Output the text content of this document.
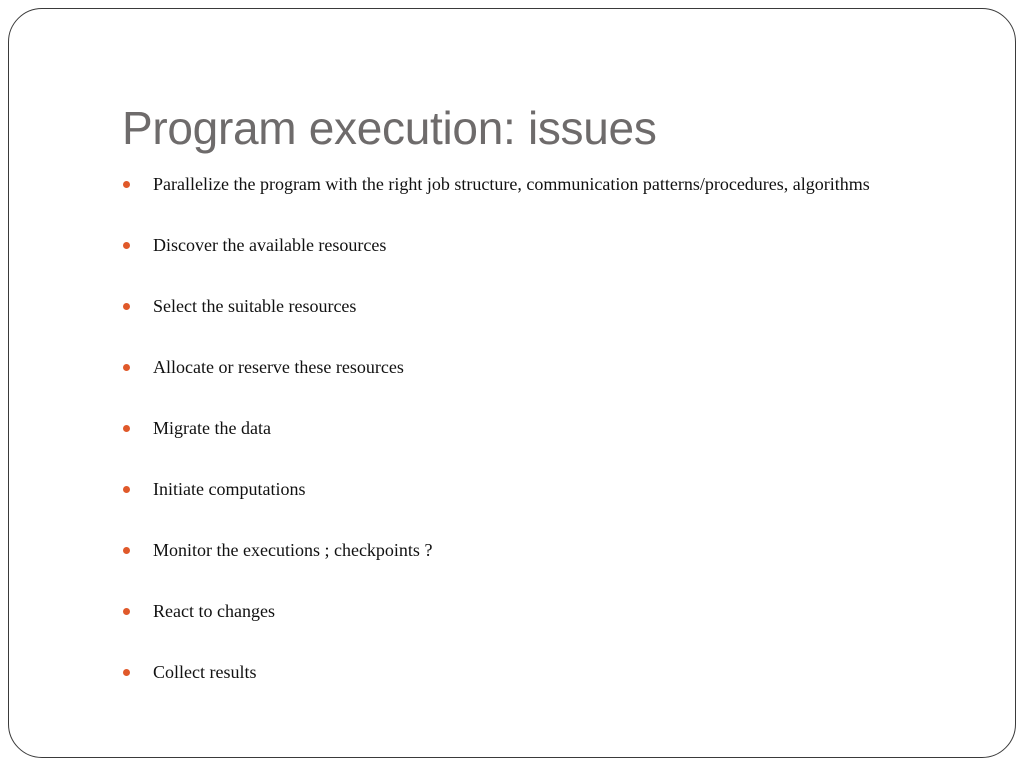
Program execution: issues
Parallelize the program with the right job structure, communication patterns/procedures, algorithms
Discover the available resources
Select the suitable resources
Allocate or reserve these resources
Migrate the data
Initiate computations
Monitor the executions ; checkpoints ?
React to changes
Collect results
